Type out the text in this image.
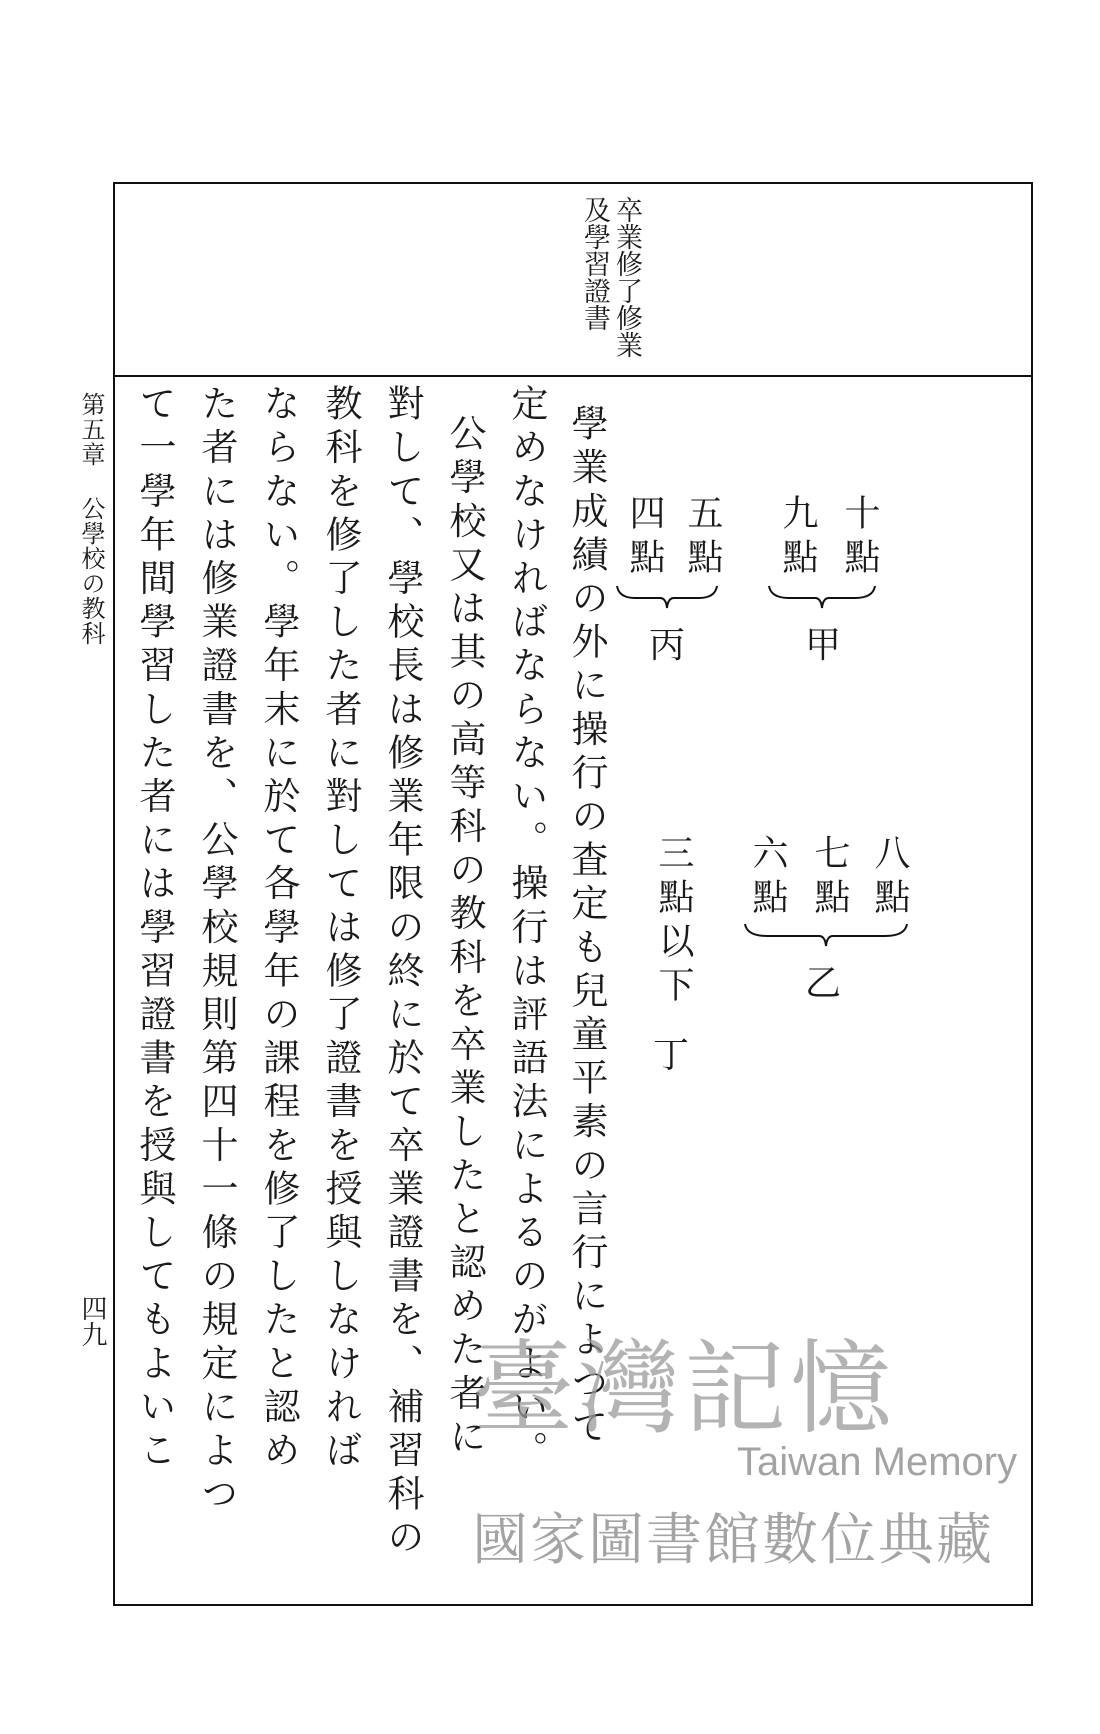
第五章 公學校の教科
四九
卒業修了修業
及學習證書
十點
九點
甲
五點
四點
丙
八點
七點
六點
乙
三點以下
丁
學業成績の外に操行の査定も兒童平素の言行によつて
定めなければならない。操行は評語法によるのがよい。
公學校又は其の高等科の教科を卒業したと認めた者に
對して、學校長は修業年限の終に於て卒業證書を、補習科の
教科を修了した者に對しては修了證書を授與しなければ
ならない。學年末に於て各學年の課程を修了したと認め
た者には修業證書を、公學校規則第四十一條の規定によつ
て一學年間學習した者には學習證書を授與してもよいこ	臺灣記憶
Taiwan Memory
國家圖書館數位典藏
